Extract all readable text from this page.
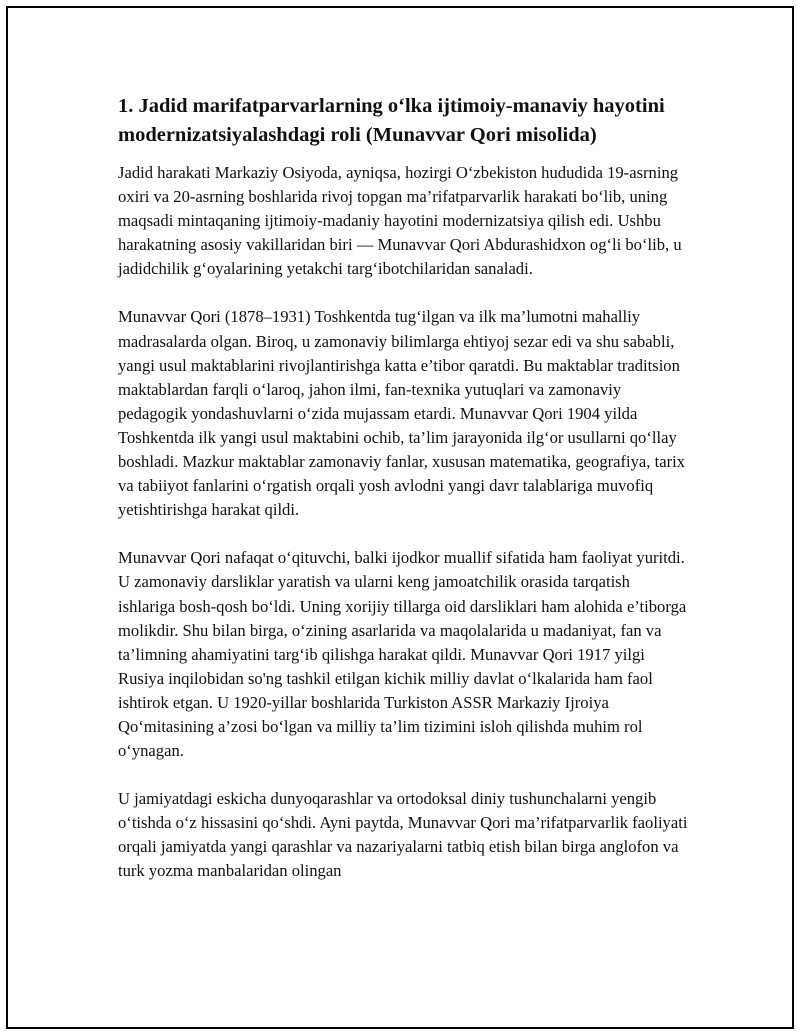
1. Jadid marifatparvarlarning o‘lka ijtimoiy-manaviy hayotini modernizatsiyalashdagi roli (Munavvar Qori misolida)

Jadid harakati Markaziy Osiyoda, ayniqsa, hozirgi O‘zbekiston hududida 19-asrning oxiri va 20-asrning boshlarida rivoj topgan ma’rifatparvarlik harakati bo‘lib, uning maqsadi mintaqaning ijtimoiy-madaniy hayotini modernizatsiya qilish edi. Ushbu harakatning asosiy vakillaridan biri — Munavvar Qori Abdurashidxon og‘li bo‘lib, u jadidchilik g‘oyalarining yetakchi targ‘ibotchilaridan sanaladi.

Munavvar Qori (1878–1931) Toshkentda tug‘ilgan va ilk ma’lumotni mahalliy madrasalarda olgan. Biroq, u zamonaviy bilimlarga ehtiyoj sezar edi va shu sababli, yangi usul maktablarini rivojlantirishga katta e’tibor qaratdi. Bu maktablar traditsion maktablardan farqli o‘laroq, jahon ilmi, fan-texnika yutuqlari va zamonaviy pedagogik yondashuvlarni o‘zida mujassam etardi. Munavvar Qori 1904 yilda Toshkentda ilk yangi usul maktabini ochib, ta’lim jarayonida ilg‘or usullarni qo‘llay boshladi. Mazkur maktablar zamonaviy fanlar, xususan matematika, geografiya, tarix va tabiiyot fanlarini o‘rgatish orqali yosh avlodni yangi davr talablariga muvofiq yetishtirishga harakat qildi.

Munavvar Qori nafaqat o‘qituvchi, balki ijodkor muallif sifatida ham faoliyat yuritdi. U zamonaviy darsliklar yaratish va ularni keng jamoatchilik orasida tarqatish ishlariga bosh-qosh bo‘ldi. Uning xorijiy tillarga oid darsliklari ham alohida e’tiborga molikdir. Shu bilan birga, o‘zining asarlarida va maqolalarida u madaniyat, fan va ta’limning ahamiyatini targ‘ib qilishga harakat qildi. Munavvar Qori 1917 yilgi Rusiya inqilobidan so'ng tashkil etilgan kichik milliy davlat o‘lkalarida ham faol ishtirok etgan. U 1920-yillar boshlarida Turkiston ASSR Markaziy Ijroiya Qo‘mitasining a’zosi bo‘lgan va milliy ta’lim tizimini isloh qilishda muhim rol o‘ynagan.

U jamiyatdagi eskicha dunyoqarashlar va ortodoksal diniy tushunchalarni yengib o‘tishda o‘z hissasini qo‘shdi. Ayni paytda, Munavvar Qori ma’rifatparvarlik faoliyati orqali jamiyatda yangi qarashlar va nazariyalarni tatbiq etish bilan birga anglofon va turk yozma manbalaridan olingan
